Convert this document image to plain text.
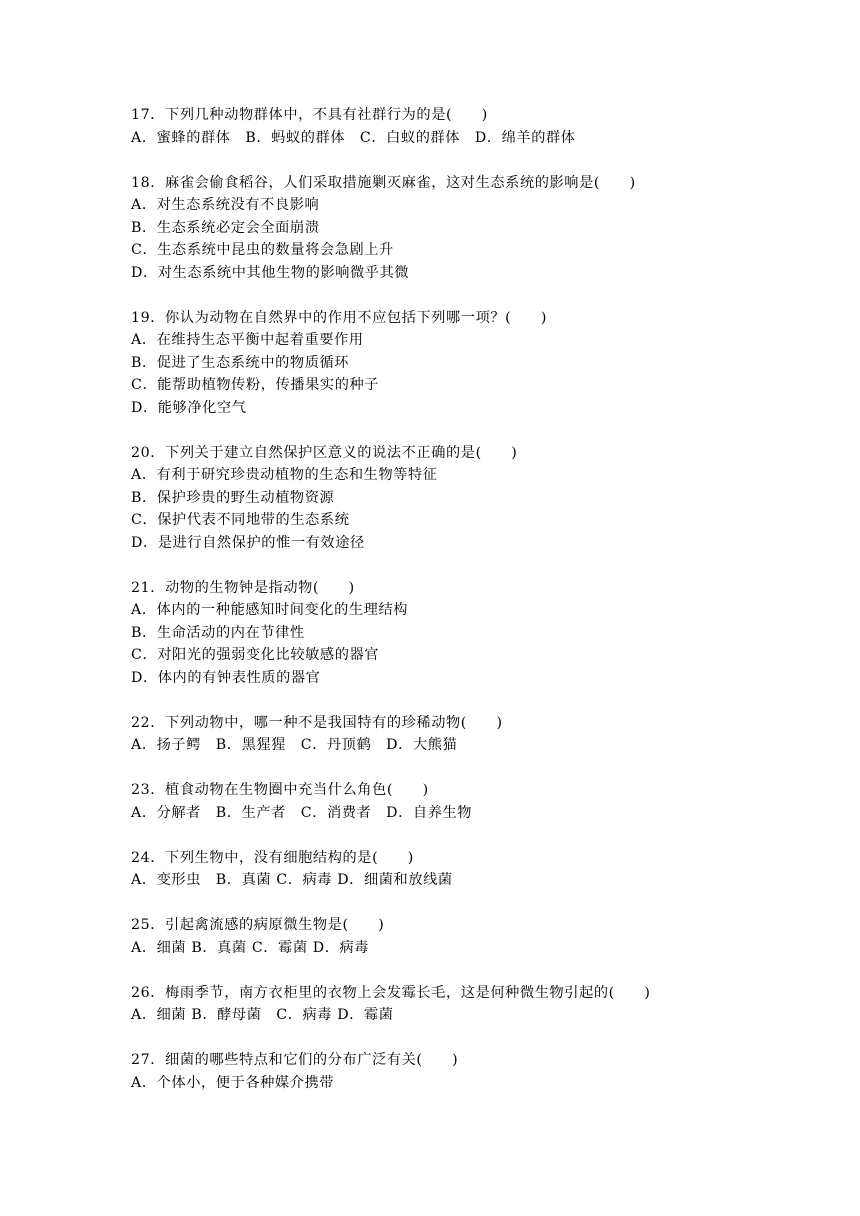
17．下列几种动物群体中，不具有社群行为的是(　　)
A．蜜蜂的群体　B．蚂蚁的群体　C．白蚁的群体　D．绵羊的群体
18．麻雀会偷食稻谷，人们采取措施剿灭麻雀，这对生态系统的影响是(　　)
A．对生态系统没有不良影响
B．生态系统必定会全面崩溃
C．生态系统中昆虫的数量将会急剧上升
D．对生态系统中其他生物的影响微乎其微
19．你认为动物在自然界中的作用不应包括下列哪一项？(　　)
A．在维持生态平衡中起着重要作用
B．促进了生态系统中的物质循环
C．能帮助植物传粉，传播果实的种子
D．能够净化空气
20．下列关于建立自然保护区意义的说法不正确的是(　　)
A．有利于研究珍贵动植物的生态和生物等特征
B．保护珍贵的野生动植物资源
C．保护代表不同地带的生态系统
D．是进行自然保护的惟一有效途径
21．动物的生物钟是指动物(　　)
A．体内的一种能感知时间变化的生理结构
B．生命活动的内在节律性
C．对阳光的强弱变化比较敏感的器官
D．体内的有钟表性质的器官
22．下列动物中，哪一种不是我国特有的珍稀动物(　　)
A．扬子鳄　B．黑猩猩　C．丹顶鹤　D．大熊猫
23．植食动物在生物圈中充当什么角色(　　)
A．分解者　B．生产者　C．消费者　D．自养生物
24．下列生物中，没有细胞结构的是(　　)
A．变形虫　B．真菌 C．病毒 D．细菌和放线菌
25．引起禽流感的病原微生物是(　　)
A．细菌 B．真菌 C．霉菌 D．病毒
26．梅雨季节，南方衣柜里的衣物上会发霉长毛，这是何种微生物引起的(　　)
A．细菌 B．酵母菌　C．病毒 D．霉菌
27．细菌的哪些特点和它们的分布广泛有关(　　)
A．个体小，便于各种媒介携带
